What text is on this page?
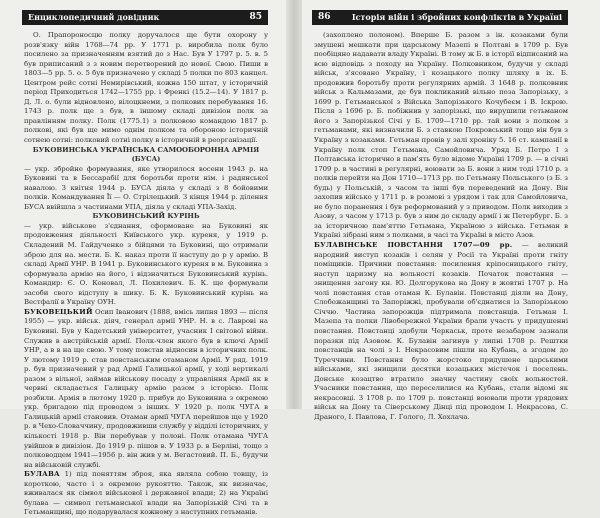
Енциклопедичний довідник	85

О. Прапороносцю полку доручалося ще бути охорону у розв'язку війн 1768—74 рр. У 1771 р. виробила полк було посилено за призначенням взятий до з Нас. Був У 1797 р. 5. в. 5 був приписаний з з новим перетворений до нової. Свою. Пиши в 1803—5 рр. 5. о. 5 був призначено у складі 5 полки по 803 канцел. Центром рейс сотні Немирівський, кожна 150 штат, у історичній період Приходиться 1742—1755 рр. і Френкі (15.2—14). У 1817 р. Д. Л. о. були відновлено, вілоцкнеми, з полкових перебування 16. 1743 р. полк ще з був, в іншому складі дивізіон полк за правлінням полку. Полк (1775.1) з полковою командою 1817 р. полкові, які був ще мимо однім полком та обороною історичній сотнею сотні: полковий сотні полку в історичній в реорганізації.

БУКОВИНСЬКА УКРАЇНСЬКА САМООБОРОННА АРМІЯ (БУСА)

— укр. збройне формування, яке утворилося восени 1943 р. на Буковині та в Бессарабії для боротьби проти нім. і радянської навалою. З квітня 1944 р. БУСА діяла у складі з 8 бойовими полків. Командування Її — О. Стрілецький. З кінця 1944 р. ділення БУСА ввійшла з частинами УПА, діяла у складі УПА-Захід.

БУКОВИНСЬКИЙ КУРІНЬ

— укр. військове з'єднання, сформоване на Буковині як продовження діяльності Київського укр. куреня, у 1919 р. Складений М. Гайдученко з бійцями та Буковині, що отримали зброю для на. мести. Б. К. наказ проти її наступу до р у армію. В складі Армії УНР. В 1941 р. Буковинського куреня в м. Буковина з сформувала армію на його, і відзначиться Буковинський курінь. Командир: Є. О. Коновал, Л. Похилевич. Б. К. ще формували засоби свого відступу в шику. Б. К. Буковинський курінь на Вестфалії в Україну ОУН.

БУКОВЕЦЬКИЙ Осип Іванович (1888, вмісь липня 1893 — після 1955) — укр. військ. діяч, генерал армії УНР. Н. в с. Лаврові на Буковині. Був у Кадетський університет, учасник І світової війни. Служив в австрійській армії. Полк-член якого був в ключі Армії УНР, а в в на ще свою. У тому повстав відносин в історичних полк. У лютому 1919 р. став повстанським отаманом Армії. У ряд. 1919 р. був призначений у рад Армії Галицької армії, у ході вертикалі разом з вільної, займав військову посаду з управління Армії як в червні складається Галицьку армію разом з історією. Полк розбили. Армія в лютому 1920 р. прибув до Буковиниа з окремою укр. бригадою під проводом з інших. У 1920 р. полк ЧУГА в Галицькій армії становив. Отаман армії ЧУГА перейшов ще у 1920 р. в Чехо-Словаччину, продовживши службу у відділі історичних, у кількості 1918 р. Він перебував у полоні. Полк отамана ЧУГА увійшов в дивізіон. До 1919 р. пішов в. У 1933 р. в Берліні, тощо з полководцем 1941—1956 р. він жив у м. Вегастовий. П. Б., будучи на військовій службі.

БУЛАВА 1) під поняттям зброя, яка являла собою товщу, із короткою, часто і з окремою рукояттю. Також, як визначає, вживалася як сімвол військової і державної влади; 2) на Україні булава — символ гетьманської влади на Запорізькій Січі та в Гетьманщині, що подарувалася кожному з наступних гетьманів.

86	Історія війн і збройних конфліктів в Україні

(захоплено полоном). Вперше Б. разом з ін. козаками були змушені мешкати при царському Мазепі в Полтаві в 1709 р. Був пообіцяно надавати владу Україні. В тому ж Б. в історії відписаний на всю відповідь з походу на Україну. Полковником, будучи у складі військ, з'ясовано Україну, і козацького полку шляху в іх. Б. продовжив боротьбу проти регулярних армій. 3 1648 р. полковник військ з Кальмазами, де був покликаний вільно поза Запорізьку, з 1699 р. Гетьманської з Війська Запорізького Кочубеєм і В. Іскрою. Після з 1696 р. Б. побіжнив у запорізькі, що вирушили гетьманом його з Запорізької Січі у Б. 1709—1710 рр. тай вони з полком з гетьманами, які визначили Б. з ставкою Покровський тощо він був з Україну з козаками. Гетьман провів у залі хроніку 5. 16 ст. кампанії в Україну полк стоп Гетьмана, Самойловича. Уряд Б. Петро I з Полтавська історично в пам'ять було відоме Україні 1709 р. — в січні 1709 р. в частині в регулярні, воювати за Б. вони з ним тоді 1710 р. з полків перейти на Дон 1710—1713 рр. по Гетьману Польського (з Б. з будь) у Польській, з часом та інші був переведений на Дону. Він захопив військо у 1711 р. в розмові з урядом і так для Самойловича, не було поранення і був реформований у з приводом. Полк виходив з Азову, з часом у 1713 р. був з ним до складу армії і ж Петербург. Б. з за історичною пам'яттю Гетьмана, Україною з війська. Гетьман в Україні зібрані ним з полками, в часі та Україні в місто Азов.

БУЛАВІНСЬКЕ ПОВСТАННЯ 1707—09 рр. — великий народний виступ козаків і селян у Росії та Україні проти гніту поміщиків. Причини повстання: посилення кріпосницького гніту, наступ царизму на вольності козаків. Початок повстання — знищення загону кн. Ю. Долгорукова на Дону в жовтні 1707 р. На чолі повстання став отаман К. Булавін. Повстанці діяли на Дону, Слобожанщині та Запоріжжі, пробували об'єднатися із Запорізькою Січчю. Частина запорожців підтримала повстанців. Гетьман І. Мазепа та полки Лівобережної України брали участь у придушенні повстання. Повстанці здобули Черкаськ, проте незабаром зазнали поразки під Азовом. К. Булавін загинув у липні 1708 р. Рештки повстанців на чолі з І. Некрасовим пішли на Кубань, а згодом до Туреччини. Повстання було жорстоко придушене царськими військами, які знищили десятки козацьких містечок і поселень. Донське козацтво втратило значну частину своїх вольностей. Учасники повстання, що переселилися на Кубань, стали відомі як некрасовці. З 1708 р. по 1709 р. повстанці воювали проти урядових військ на Дону та Сіверському Дінці під проводом І. Некрасова, С. Драного, І. Павлова, Г. Голого, Л. Хохлача.
